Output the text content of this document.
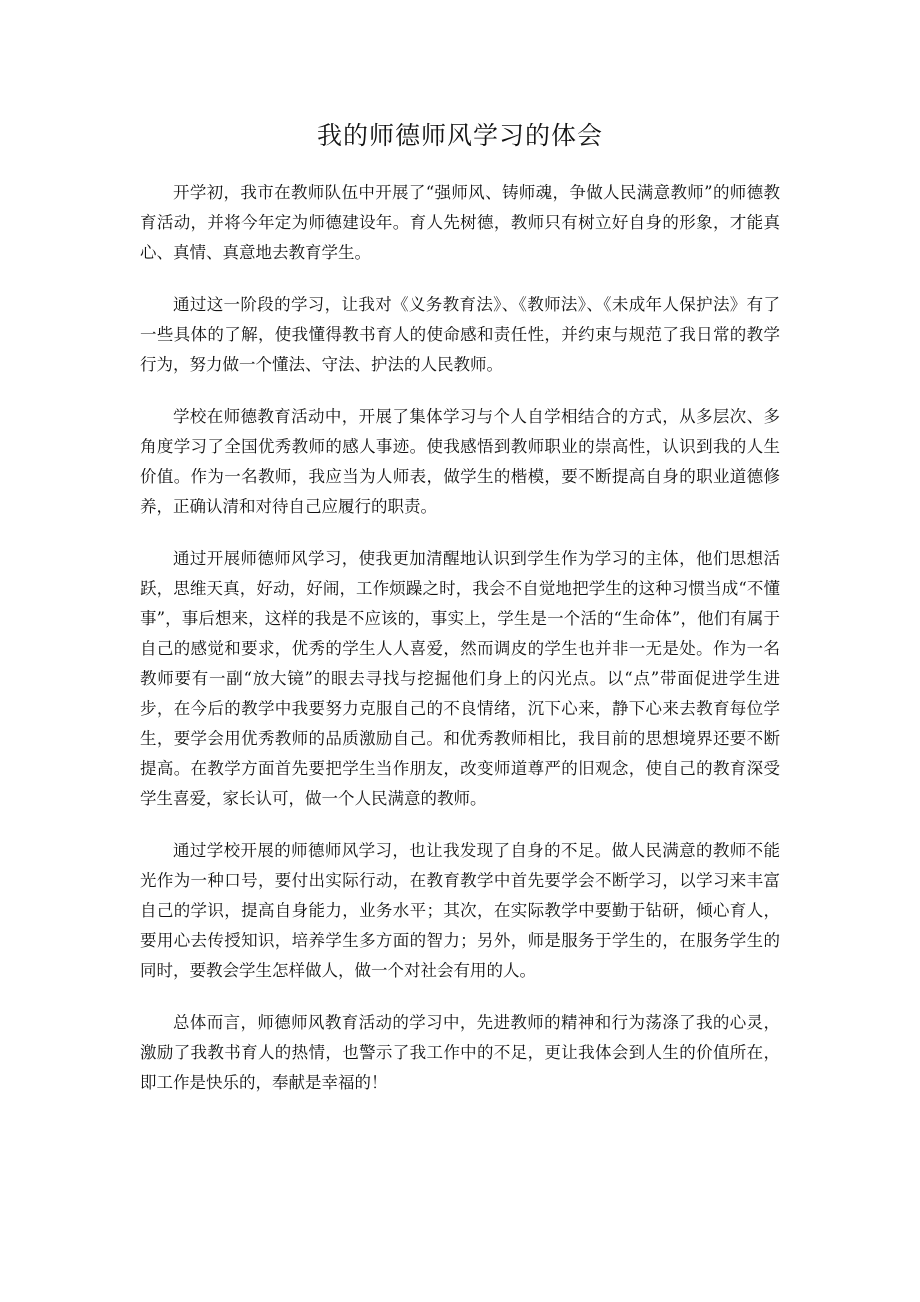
我的师德师风学习的体会

开学初，我市在教师队伍中开展了“强师风、铸师魂，争做人民满意教师”的师德教育活动，并将今年定为师德建设年。育人先树德，教师只有树立好自身的形象，才能真心、真情、真意地去教育学生。

通过这一阶段的学习，让我对《义务教育法》、《教师法》、《未成年人保护法》有了一些具体的了解，使我懂得教书育人的使命感和责任性，并约束与规范了我日常的教学行为，努力做一个懂法、守法、护法的人民教师。

学校在师德教育活动中，开展了集体学习与个人自学相结合的方式，从多层次、多角度学习了全国优秀教师的感人事迹。使我感悟到教师职业的崇高性，认识到我的人生价值。作为一名教师，我应当为人师表，做学生的楷模，要不断提高自身的职业道德修养，正确认清和对待自己应履行的职责。

通过开展师德师风学习，使我更加清醒地认识到学生作为学习的主体，他们思想活跃，思维天真，好动，好闹，工作烦躁之时，我会不自觉地把学生的这种习惯当成“不懂事”，事后想来，这样的我是不应该的，事实上，学生是一个活的“生命体”，他们有属于自己的感觉和要求，优秀的学生人人喜爱，然而调皮的学生也并非一无是处。作为一名教师要有一副“放大镜”的眼去寻找与挖掘他们身上的闪光点。以“点”带面促进学生进步，在今后的教学中我要努力克服自己的不良情绪，沉下心来，静下心来去教育每位学生，要学会用优秀教师的品质激励自己。和优秀教师相比，我目前的思想境界还要不断提高。在教学方面首先要把学生当作朋友，改变师道尊严的旧观念，使自己的教育深受学生喜爱，家长认可，做一个人民满意的教师。

通过学校开展的师德师风学习，也让我发现了自身的不足。做人民满意的教师不能光作为一种口号，要付出实际行动，在教育教学中首先要学会不断学习，以学习来丰富自己的学识，提高自身能力，业务水平；其次，在实际教学中要勤于钻研，倾心育人，要用心去传授知识，培养学生多方面的智力；另外，师是服务于学生的，在服务学生的同时，要教会学生怎样做人，做一个对社会有用的人。

总体而言，师德师风教育活动的学习中，先进教师的精神和行为荡涤了我的心灵，激励了我教书育人的热情，也警示了我工作中的不足，更让我体会到人生的价值所在，即工作是快乐的，奉献是幸福的！
